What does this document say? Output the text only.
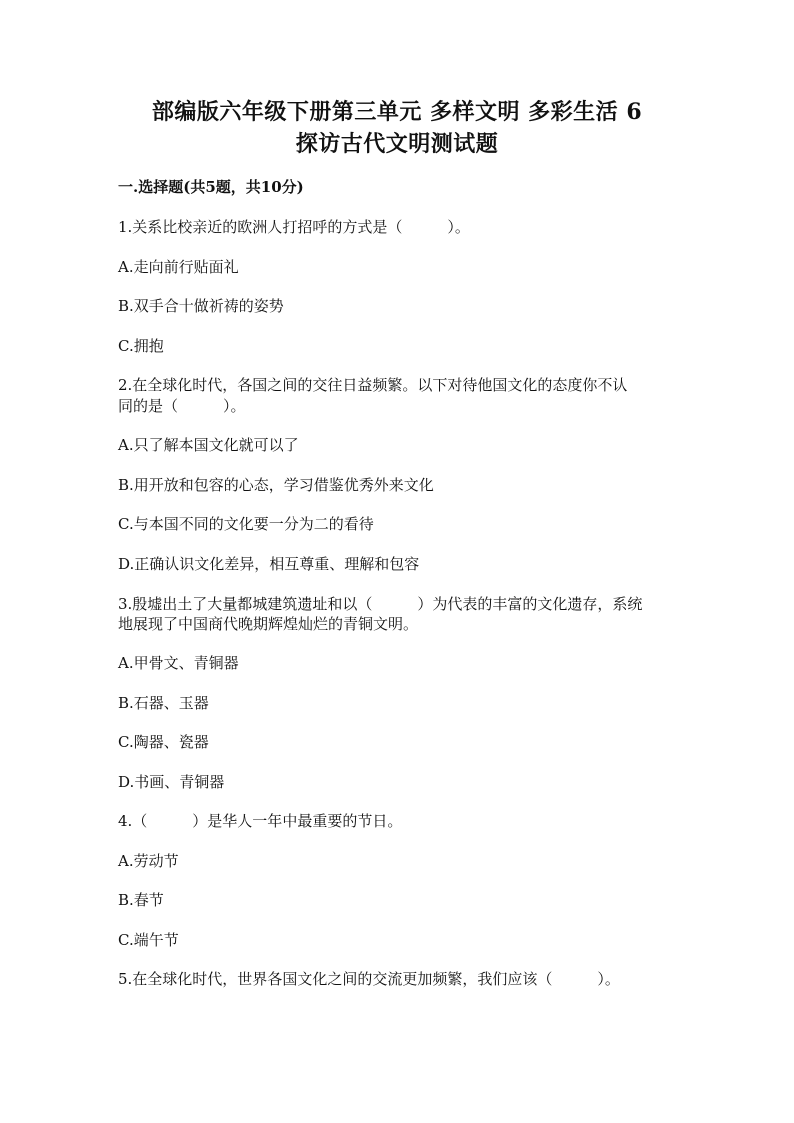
部编版六年级下册第三单元 多样文明 多彩生活 6
探访古代文明测试题
一.选择题(共5题，共10分)
1.关系比校亲近的欧洲人打招呼的方式是（　　　）。
A.走向前行贴面礼
B.双手合十做祈祷的姿势
C.拥抱
2.在全球化时代，各国之间的交往日益频繁。以下对待他国文化的态度你不认
同的是（　　　）。
A.只了解本国文化就可以了
B.用开放和包容的心态，学习借鉴优秀外来文化
C.与本国不同的文化要一分为二的看待
D.正确认识文化差异，相互尊重、理解和包容
3.殷墟出土了大量都城建筑遗址和以（　　　）为代表的丰富的文化遗存，系统
地展现了中国商代晚期辉煌灿烂的青铜文明。
A.甲骨文、青铜器
B.石器、玉器
C.陶器、瓷器
D.书画、青铜器
4.（　　　）是华人一年中最重要的节日。
A.劳动节
B.春节
C.端午节
5.在全球化时代，世界各国文化之间的交流更加频繁，我们应该（　　　）。
